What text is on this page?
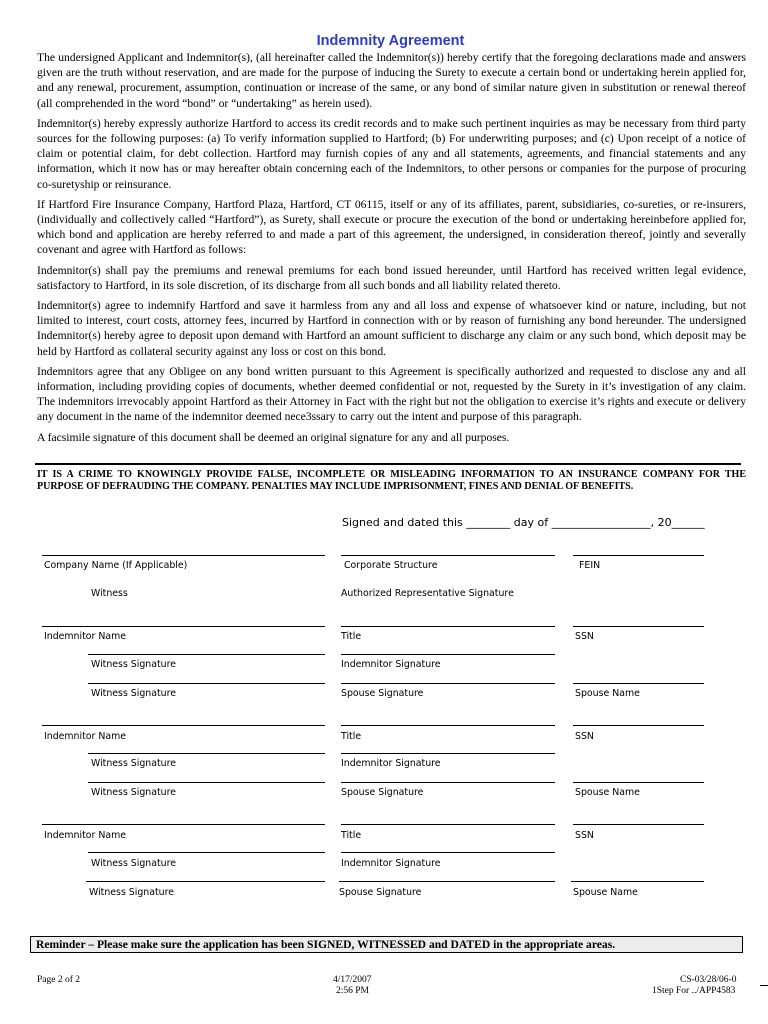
Indemnity Agreement

The undersigned Applicant and Indemnitor(s), (all hereinafter called the Indemnitor(s)) hereby certify that the foregoing declarations made and answers given are the truth without reservation, and are made for the purpose of inducing the Surety to execute a certain bond or undertaking herein applied for, and any renewal, procurement, assumption, continuation or increase of the same, or any bond of similar nature given in substitution or renewal thereof (all comprehended in the word “bond” or “undertaking” as herein used).

Indemnitor(s) hereby expressly authorize Hartford to access its credit records and to make such pertinent inquiries as may be necessary from third party sources for the following purposes: (a) To verify information supplied to Hartford; (b) For underwriting purposes; and (c) Upon receipt of a notice of claim or potential claim, for debt collection. Hartford may furnish copies of any and all statements, agreements, and financial statements and any information, which it now has or may hereafter obtain concerning each of the Indemnitors, to other persons or companies for the purpose of procuring co-suretyship or reinsurance.

If Hartford Fire Insurance Company, Hartford Plaza, Hartford, CT 06115, itself or any of its affiliates, parent, subsidiaries, co-sureties, or re-insurers, (individually and collectively called “Hartford”), as Surety, shall execute or procure the execution of the bond or undertaking hereinbefore applied for, which bond and application are hereby referred to and made a part of this agreement, the undersigned, in consideration thereof, jointly and severally covenant and agree with Hartford as follows:

Indemnitor(s) shall pay the premiums and renewal premiums for each bond issued hereunder, until Hartford has received written legal evidence, satisfactory to Hartford, in its sole discretion, of its discharge from all such bonds and all liability related thereto.

Indemnitor(s) agree to indemnify Hartford and save it harmless from any and all loss and expense of whatsoever kind or nature, including, but not limited to interest, court costs, attorney fees, incurred by Hartford in connection with or by reason of furnishing any bond hereunder. The undersigned Indemnitor(s) hereby agree to deposit upon demand with Hartford an amount sufficient to discharge any claim or any such bond, which deposit may be held by Hartford as collateral security against any loss or cost on this bond.

Indemnitors agree that any Obligee on any bond written pursuant to this Agreement is specifically authorized and requested to disclose any and all information, including providing copies of documents, whether deemed confidential or not, requested by the Surety in it’s investigation of any claim. The indemnitors irrevocably appoint Hartford as their Attorney in Fact with the right but not the obligation to exercise it’s rights and execute or delivery any document in the name of the indemnitor deemed nece3ssary to carry out the intent and purpose of this paragraph.

A facsimile signature of this document shall be deemed an original signature for any and all purposes.

IT IS A CRIME TO KNOWINGLY PROVIDE FALSE, INCOMPLETE OR MISLEADING INFORMATION TO AN INSURANCE COMPANY FOR THE PURPOSE OF DEFRAUDING THE COMPANY. PENALTIES MAY INCLUDE IMPRISONMENT, FINES AND DENIAL OF BENEFITS.
Signed and dated this ________ day of __________________, 20______
Company Name (If Applicable)	Corporate Structure	FEIN
Witness	Authorized Representative Signature
Indemnitor Name	Title	SSN
Witness Signature	Indemnitor Signature
Witness Signature	Spouse Signature	Spouse Name
Indemnitor Name	Title	SSN
Witness Signature	Indemnitor Signature
Witness Signature	Spouse Signature	Spouse Name
Indemnitor Name	Title	SSN
Witness Signature	Indemnitor Signature
Witness Signature	Spouse Signature	Spouse Name
Reminder – Please make sure the application has been SIGNED, WITNESSED and DATED in the appropriate areas.
Page 2 of 2	4/17/2007
2:56 PM
CS-03/28/06-0
1Step For ../APP4583
